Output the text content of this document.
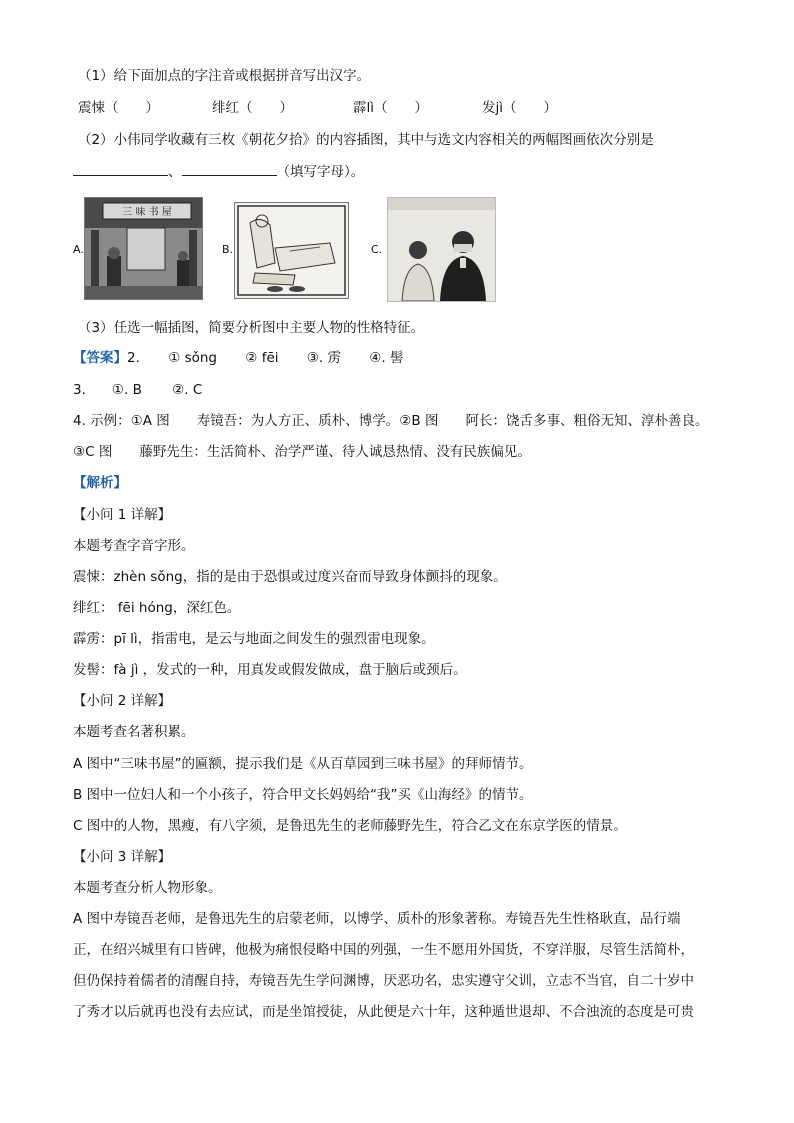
（1）给下面加点的字注音或根据拼音写出汉字。
震悚（　　）	绯红（　　）	霹lì（　　）	发jì（　　）
（2）小伟同学收藏有三枚《朝花夕拾》的内容插图，其中与选文内容相关的两幅图画依次分别是
、	（填写字母）。
A.
三 味 书 屋
B.	C.
（3）任选一幅插图，简要分析图中主要人物的性格特征。
【答案】2. ① sǒng ② fēi ③. 雳 ④. 髻
3. ①. B ②. C
4. 示例：①A 图　　寿镜吾：为人方正、质朴、博学。②B 图　　阿长：饶舌多事、粗俗无知、淳朴善良。
③C 图　　藤野先生：生活简朴、治学严谨、待人诚恳热情、没有民族偏见。
【解析】
【小问 1 详解】
本题考查字音字形。
震悚：zhèn sǒng，指的是由于恐惧或过度兴奋而导致身体颤抖的现象。
绯红： fēi hóng，深红色。
霹雳：pī lì，指雷电，是云与地面之间发生的强烈雷电现象。
发髻：fà jì ，发式的一种，用真发或假发做成，盘于脑后或颈后。
【小问 2 详解】
本题考查名著积累。
A 图中“三味书屋”的匾额，提示我们是《从百草园到三味书屋》的拜师情节。
B 图中一位妇人和一个小孩子，符合甲文长妈妈给“我”买《山海经》的情节。
C 图中的人物，黑瘦，有八字须，是鲁迅先生的老师藤野先生，符合乙文在东京学医的情景。
【小问 3 详解】
本题考查分析人物形象。
A 图中寿镜吾老师，是鲁迅先生的启蒙老师，以博学、质朴的形象著称。寿镜吾先生性格耿直，品行端
正，在绍兴城里有口皆碑，他极为痛恨侵略中国的列强，一生不愿用外国货，不穿洋服，尽管生活简朴，
但仍保持着儒者的清醒自持，寿镜吾先生学问渊博，厌恶功名，忠实遵守父训，立志不当官，自二十岁中
了秀才以后就再也没有去应试，而是坐馆授徒，从此便是六十年，这种遁世退却、不合浊流的态度是可贵
